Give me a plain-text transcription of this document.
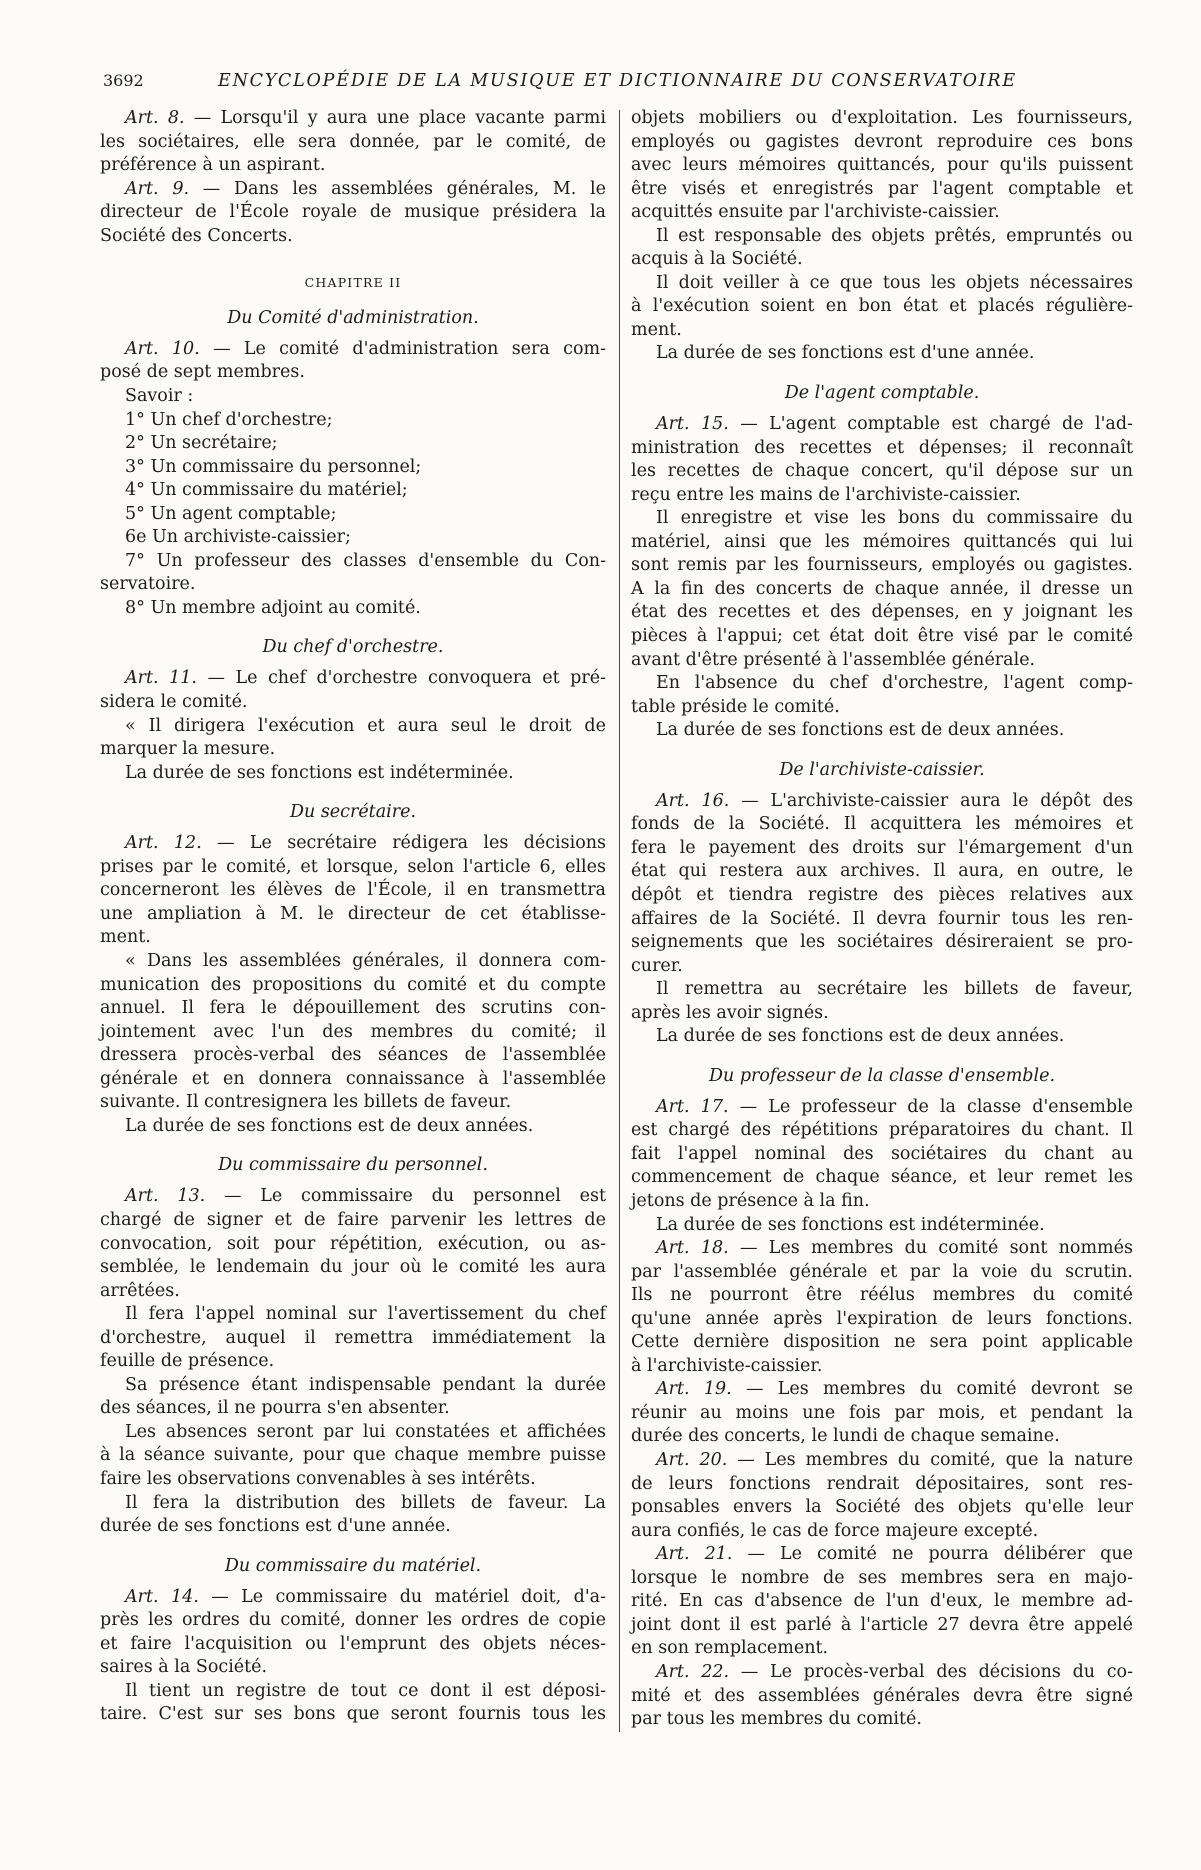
3692	ENCYCLOPÉDIE DE LA MUSIQUE ET DICTIONNAIRE DU CONSERVATOIRE
Art. 8. — Lorsqu'il y aura une place vacante parmi
les sociétaires, elle sera donnée, par le comité, de
préférence à un aspirant.
Art. 9. — Dans les assemblées générales, M. le
directeur de l'École royale de musique présidera la
Société des Concerts.
CHAPITRE II
Du Comité d'administration.
Art. 10. — Le comité d'administration sera com-
posé de sept membres.
Savoir :
1° Un chef d'orchestre;
2° Un secrétaire;
3° Un commissaire du personnel;
4° Un commissaire du matériel;
5° Un agent comptable;
6e Un archiviste-caissier;
7° Un professeur des classes d'ensemble du Con-
servatoire.
8° Un membre adjoint au comité.
Du chef d'orchestre.
Art. 11. — Le chef d'orchestre convoquera et pré-
sidera le comité.
« Il dirigera l'exécution et aura seul le droit de
marquer la mesure.
La durée de ses fonctions est indéterminée.
Du secrétaire.
Art. 12. — Le secrétaire rédigera les décisions
prises par le comité, et lorsque, selon l'article 6, elles
concerneront les élèves de l'École, il en transmettra
une ampliation à M. le directeur de cet établisse-
ment.
« Dans les assemblées générales, il donnera com-
munication des propositions du comité et du compte
annuel. Il fera le dépouillement des scrutins con-
jointement avec l'un des membres du comité; il
dressera procès-verbal des séances de l'assemblée
générale et en donnera connaissance à l'assemblée
suivante. Il contresignera les billets de faveur.
La durée de ses fonctions est de deux années.
Du commissaire du personnel.
Art. 13. — Le commissaire du personnel est
chargé de signer et de faire parvenir les lettres de
convocation, soit pour répétition, exécution, ou as-
semblée, le lendemain du jour où le comité les aura
arrêtées.
Il fera l'appel nominal sur l'avertissement du chef
d'orchestre, auquel il remettra immédiatement la
feuille de présence.
Sa présence étant indispensable pendant la durée
des séances, il ne pourra s'en absenter.
Les absences seront par lui constatées et affichées
à la séance suivante, pour que chaque membre puisse
faire les observations convenables à ses intérêts.
Il fera la distribution des billets de faveur. La
durée de ses fonctions est d'une année.
Du commissaire du matériel.
Art. 14. — Le commissaire du matériel doit, d'a-
près les ordres du comité, donner les ordres de copie
et faire l'acquisition ou l'emprunt des objets néces-
saires à la Société.
Il tient un registre de tout ce dont il est déposi-
taire. C'est sur ses bons que seront fournis tous les
objets mobiliers ou d'exploitation. Les fournisseurs,
employés ou gagistes devront reproduire ces bons
avec leurs mémoires quittancés, pour qu'ils puissent
être visés et enregistrés par l'agent comptable et
acquittés ensuite par l'archiviste-caissier.
Il est responsable des objets prêtés, empruntés ou
acquis à la Société.
Il doit veiller à ce que tous les objets nécessaires
à l'exécution soient en bon état et placés régulière-
ment.
La durée de ses fonctions est d'une année.
De l'agent comptable.
Art. 15. — L'agent comptable est chargé de l'ad-
ministration des recettes et dépenses; il reconnaît
les recettes de chaque concert, qu'il dépose sur un
reçu entre les mains de l'archiviste-caissier.
Il enregistre et vise les bons du commissaire du
matériel, ainsi que les mémoires quittancés qui lui
sont remis par les fournisseurs, employés ou gagistes.
A la fin des concerts de chaque année, il dresse un
état des recettes et des dépenses, en y joignant les
pièces à l'appui; cet état doit être visé par le comité
avant d'être présenté à l'assemblée générale.
En l'absence du chef d'orchestre, l'agent comp-
table préside le comité.
La durée de ses fonctions est de deux années.
De l'archiviste-caissier.
Art. 16. — L'archiviste-caissier aura le dépôt des
fonds de la Société. Il acquittera les mémoires et
fera le payement des droits sur l'émargement d'un
état qui restera aux archives. Il aura, en outre, le
dépôt et tiendra registre des pièces relatives aux
affaires de la Société. Il devra fournir tous les ren-
seignements que les sociétaires désireraient se pro-
curer.
Il remettra au secrétaire les billets de faveur,
après les avoir signés.
La durée de ses fonctions est de deux années.
Du professeur de la classe d'ensemble.
Art. 17. — Le professeur de la classe d'ensemble
est chargé des répétitions préparatoires du chant. Il
fait l'appel nominal des sociétaires du chant au
commencement de chaque séance, et leur remet les
jetons de présence à la fin.
La durée de ses fonctions est indéterminée.
Art. 18. — Les membres du comité sont nommés
par l'assemblée générale et par la voie du scrutin.
Ils ne pourront être réélus membres du comité
qu'une année après l'expiration de leurs fonctions.
Cette dernière disposition ne sera point applicable
à l'archiviste-caissier.
Art. 19. — Les membres du comité devront se
réunir au moins une fois par mois, et pendant la
durée des concerts, le lundi de chaque semaine.
Art. 20. — Les membres du comité, que la nature
de leurs fonctions rendrait dépositaires, sont res-
ponsables envers la Société des objets qu'elle leur
aura confiés, le cas de force majeure excepté.
Art. 21. — Le comité ne pourra délibérer que
lorsque le nombre de ses membres sera en majo-
rité. En cas d'absence de l'un d'eux, le membre ad-
joint dont il est parlé à l'article 27 devra être appelé
en son remplacement.
Art. 22. — Le procès-verbal des décisions du co-
mité et des assemblées générales devra être signé
par tous les membres du comité.
